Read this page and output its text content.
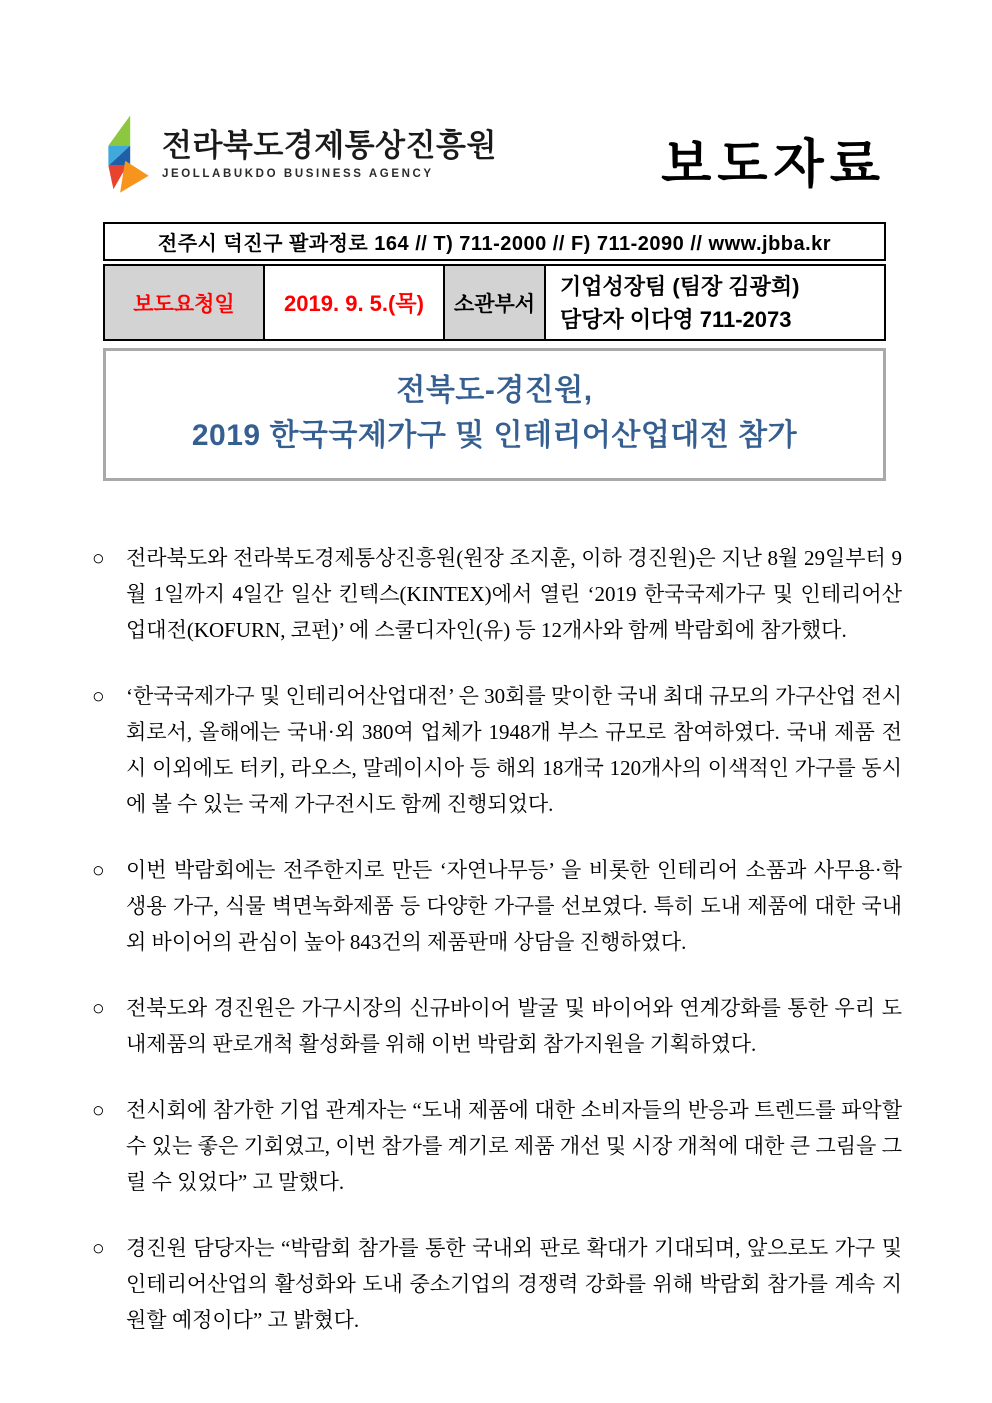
전라북도경제통상진흥원
JEOLLABUKDO BUSINESS AGENCY	보도자료
전주시 덕진구 팔과정로 164 // T) 711-2000 // F) 711-2090 // www.jbba.kr
보도요청일	2019. 9. 5.(목)	소관부서
기업성장팀 (팀장 김광희)
담당자 이다영 711-2073
전북도-경진원,
2019 한국국제가구 및 인테리어산업대전 참가

○ 전라북도와 전라북도경제통상진흥원(원장 조지훈, 이하 경진원)은 지난 8월 29일부터 9월 1일까지 4일간 일산 킨텍스(KINTEX)에서 열린 ‘2019 한국국제가구 및 인테리어산업대전(KOFURN, 코펀)’ 에 스쿨디자인(유) 등 12개사와 함께 박람회에 참가했다.

○ ‘한국국제가구 및 인테리어산업대전’ 은 30회를 맞이한 국내 최대 규모의 가구산업 전시회로서, 올해에는 국내·외 380여 업체가 1948개 부스 규모로 참여하였다. 국내 제품 전시 이외에도 터키, 라오스, 말레이시아 등 해외 18개국 120개사의 이색적인 가구를 동시에 볼 수 있는 국제 가구전시도 함께 진행되었다.

○ 이번 박람회에는 전주한지로 만든 ‘자연나무등’ 을 비롯한 인테리어 소품과 사무용·학생용 가구, 식물 벽면녹화제품 등 다양한 가구를 선보였다. 특히 도내 제품에 대한 국내외 바이어의 관심이 높아 843건의 제품판매 상담을 진행하였다.

○ 전북도와 경진원은 가구시장의 신규바이어 발굴 및 바이어와 연계강화를 통한 우리 도내제품의 판로개척 활성화를 위해 이번 박람회 참가지원을 기획하였다.

○ 전시회에 참가한 기업 관계자는 “도내 제품에 대한 소비자들의 반응과 트렌드를 파악할 수 있는 좋은 기회였고, 이번 참가를 계기로 제품 개선 및 시장 개척에 대한 큰 그림을 그릴 수 있었다” 고 말했다.

○ 경진원 담당자는 “박람회 참가를 통한 국내외 판로 확대가 기대되며, 앞으로도 가구 및 인테리어산업의 활성화와 도내 중소기업의 경쟁력 강화를 위해 박람회 참가를 계속 지원할 예정이다” 고 밝혔다.
